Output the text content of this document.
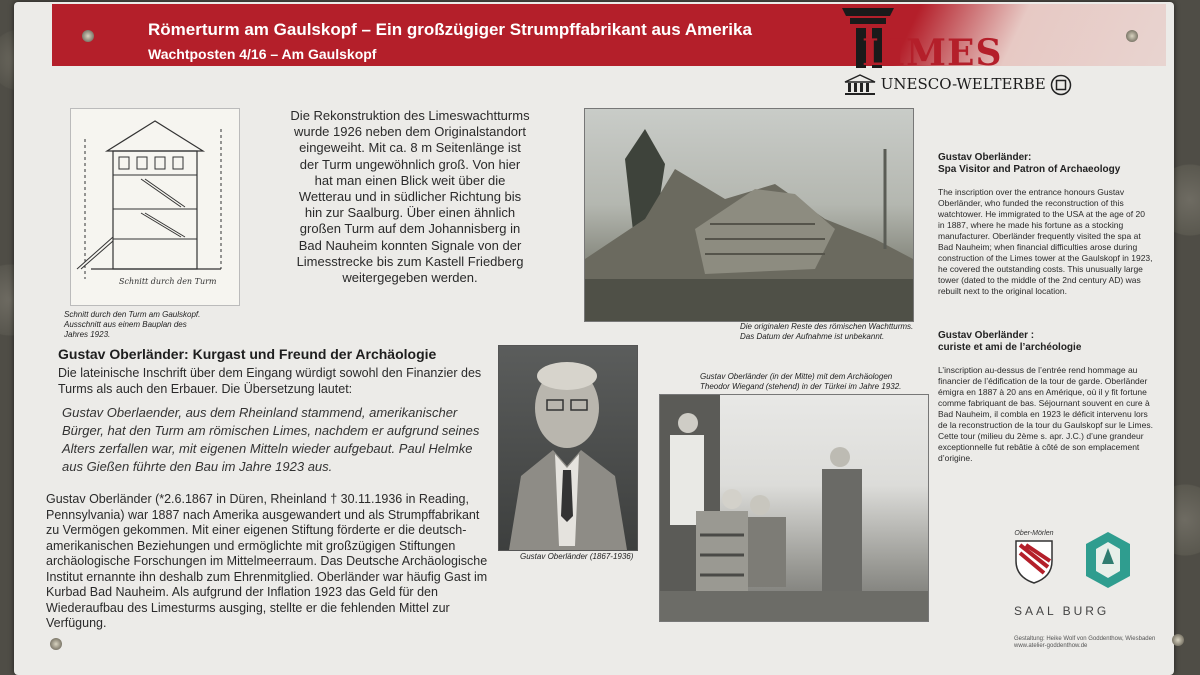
Römerturm am Gaulskopf – Ein großzügiger Strumpffabrikant aus Amerika
Wachtposten 4/16 – Am Gaulskopf	LIMES
UNESCO-WELTERBE
Schnitt durch den Turm
Schnitt durch den Turm am Gaulskopf. Ausschnitt aus einem Bauplan des Jahres 1923.

Die Rekonstruktion des Limeswachtturms wurde 1926 neben dem Originalstandort eingeweiht. Mit ca. 8 m Seitenlänge ist der Turm ungewöhnlich groß. Von hier hat man einen Blick weit über die Wetterau und in südlicher Richtung bis hin zur Saalburg. Über einen ähnlich großen Turm auf dem Johannisberg in Bad Nauheim konnten Signale von der Limesstrecke bis zum Kastell Friedberg weitergegeben werden.

Die originalen Reste des römischen Wachtturms. Das Datum der Aufnahme ist unbekannt.
Gustav Oberländer: Kurgast und Freund der Archäologie

Die lateinische Inschrift über dem Eingang würdigt sowohl den Finanzier des Turms als auch den Erbauer. Die Übersetzung lautet:

Gustav Oberlaender, aus dem Rheinland stammend, amerikanischer Bürger, hat den Turm am römischen Limes, nachdem er aufgrund seines Alters zerfallen war, mit eigenen Mitteln wieder aufgebaut. Paul Helmke aus Gießen führte den Bau im Jahre 1923 aus.

Gustav Oberländer (*2.6.1867 in Düren, Rheinland † 30.11.1936 in Reading, Pennsylvania) war 1887 nach Amerika ausgewandert und als Strumpffabrikant zu Vermögen gekommen. Mit einer eigenen Stiftung förderte er die deutsch-amerikanischen Beziehungen und ermöglichte mit großzügigen Stiftungen archäologische Forschungen im Mittelmeerraum. Das Deutsche Archäologische Institut ernannte ihn deshalb zum Ehrenmitglied. Oberländer war häufig Gast im Kurbad Bad Nauheim. Als aufgrund der Inflation 1923 das Geld für den Wiederaufbau des Limesturms ausging, stellte er die fehlenden Mittel zur Verfügung.

Gustav Oberländer (1867-1936)
Gustav Oberländer (in der Mitte) mit dem Archäologen Theodor Wiegand (stehend) in der Türkei im Jahre 1932.
Gustav Oberländer:
Spa Visitor and Patron of Archaeology

The inscription over the entrance honours Gustav Oberländer, who funded the reconstruction of this watchtower. He immigrated to the USA at the age of 20 in 1887, where he made his fortune as a stocking manufacturer. Oberländer frequently visited the spa at Bad Nauheim; when financial difficulties arose during construction of the Limes tower at the Gaulskopf in 1923, he covered the outstanding costs. This unusually large tower (dated to the middle of the 2nd century AD) was rebuilt next to the original location.

Gustav Oberländer :
curiste et ami de l’archéologie

L’inscription au-dessus de l’entrée rend hommage au financier de l’édification de la tour de garde. Oberländer émigra en 1887 à 20 ans en Amérique, où il y fit fortune comme fabriquant de bas. Séjournant souvent en cure à Bad Nauheim, il combla en 1923 le déficit intervenu lors de la reconstruction de la tour du Gaulskopf sur le Limes. Cette tour (milieu du 2ème s. apr. J.C.) d’une grandeur exceptionnelle fut rebâtie à côté de son emplacement d’origine.

Ober-Mörlen
SAAL BURG
Gestaltung: Heike Wolf von Goddenthow, Wiesbaden
www.atelier-goddenthow.de
